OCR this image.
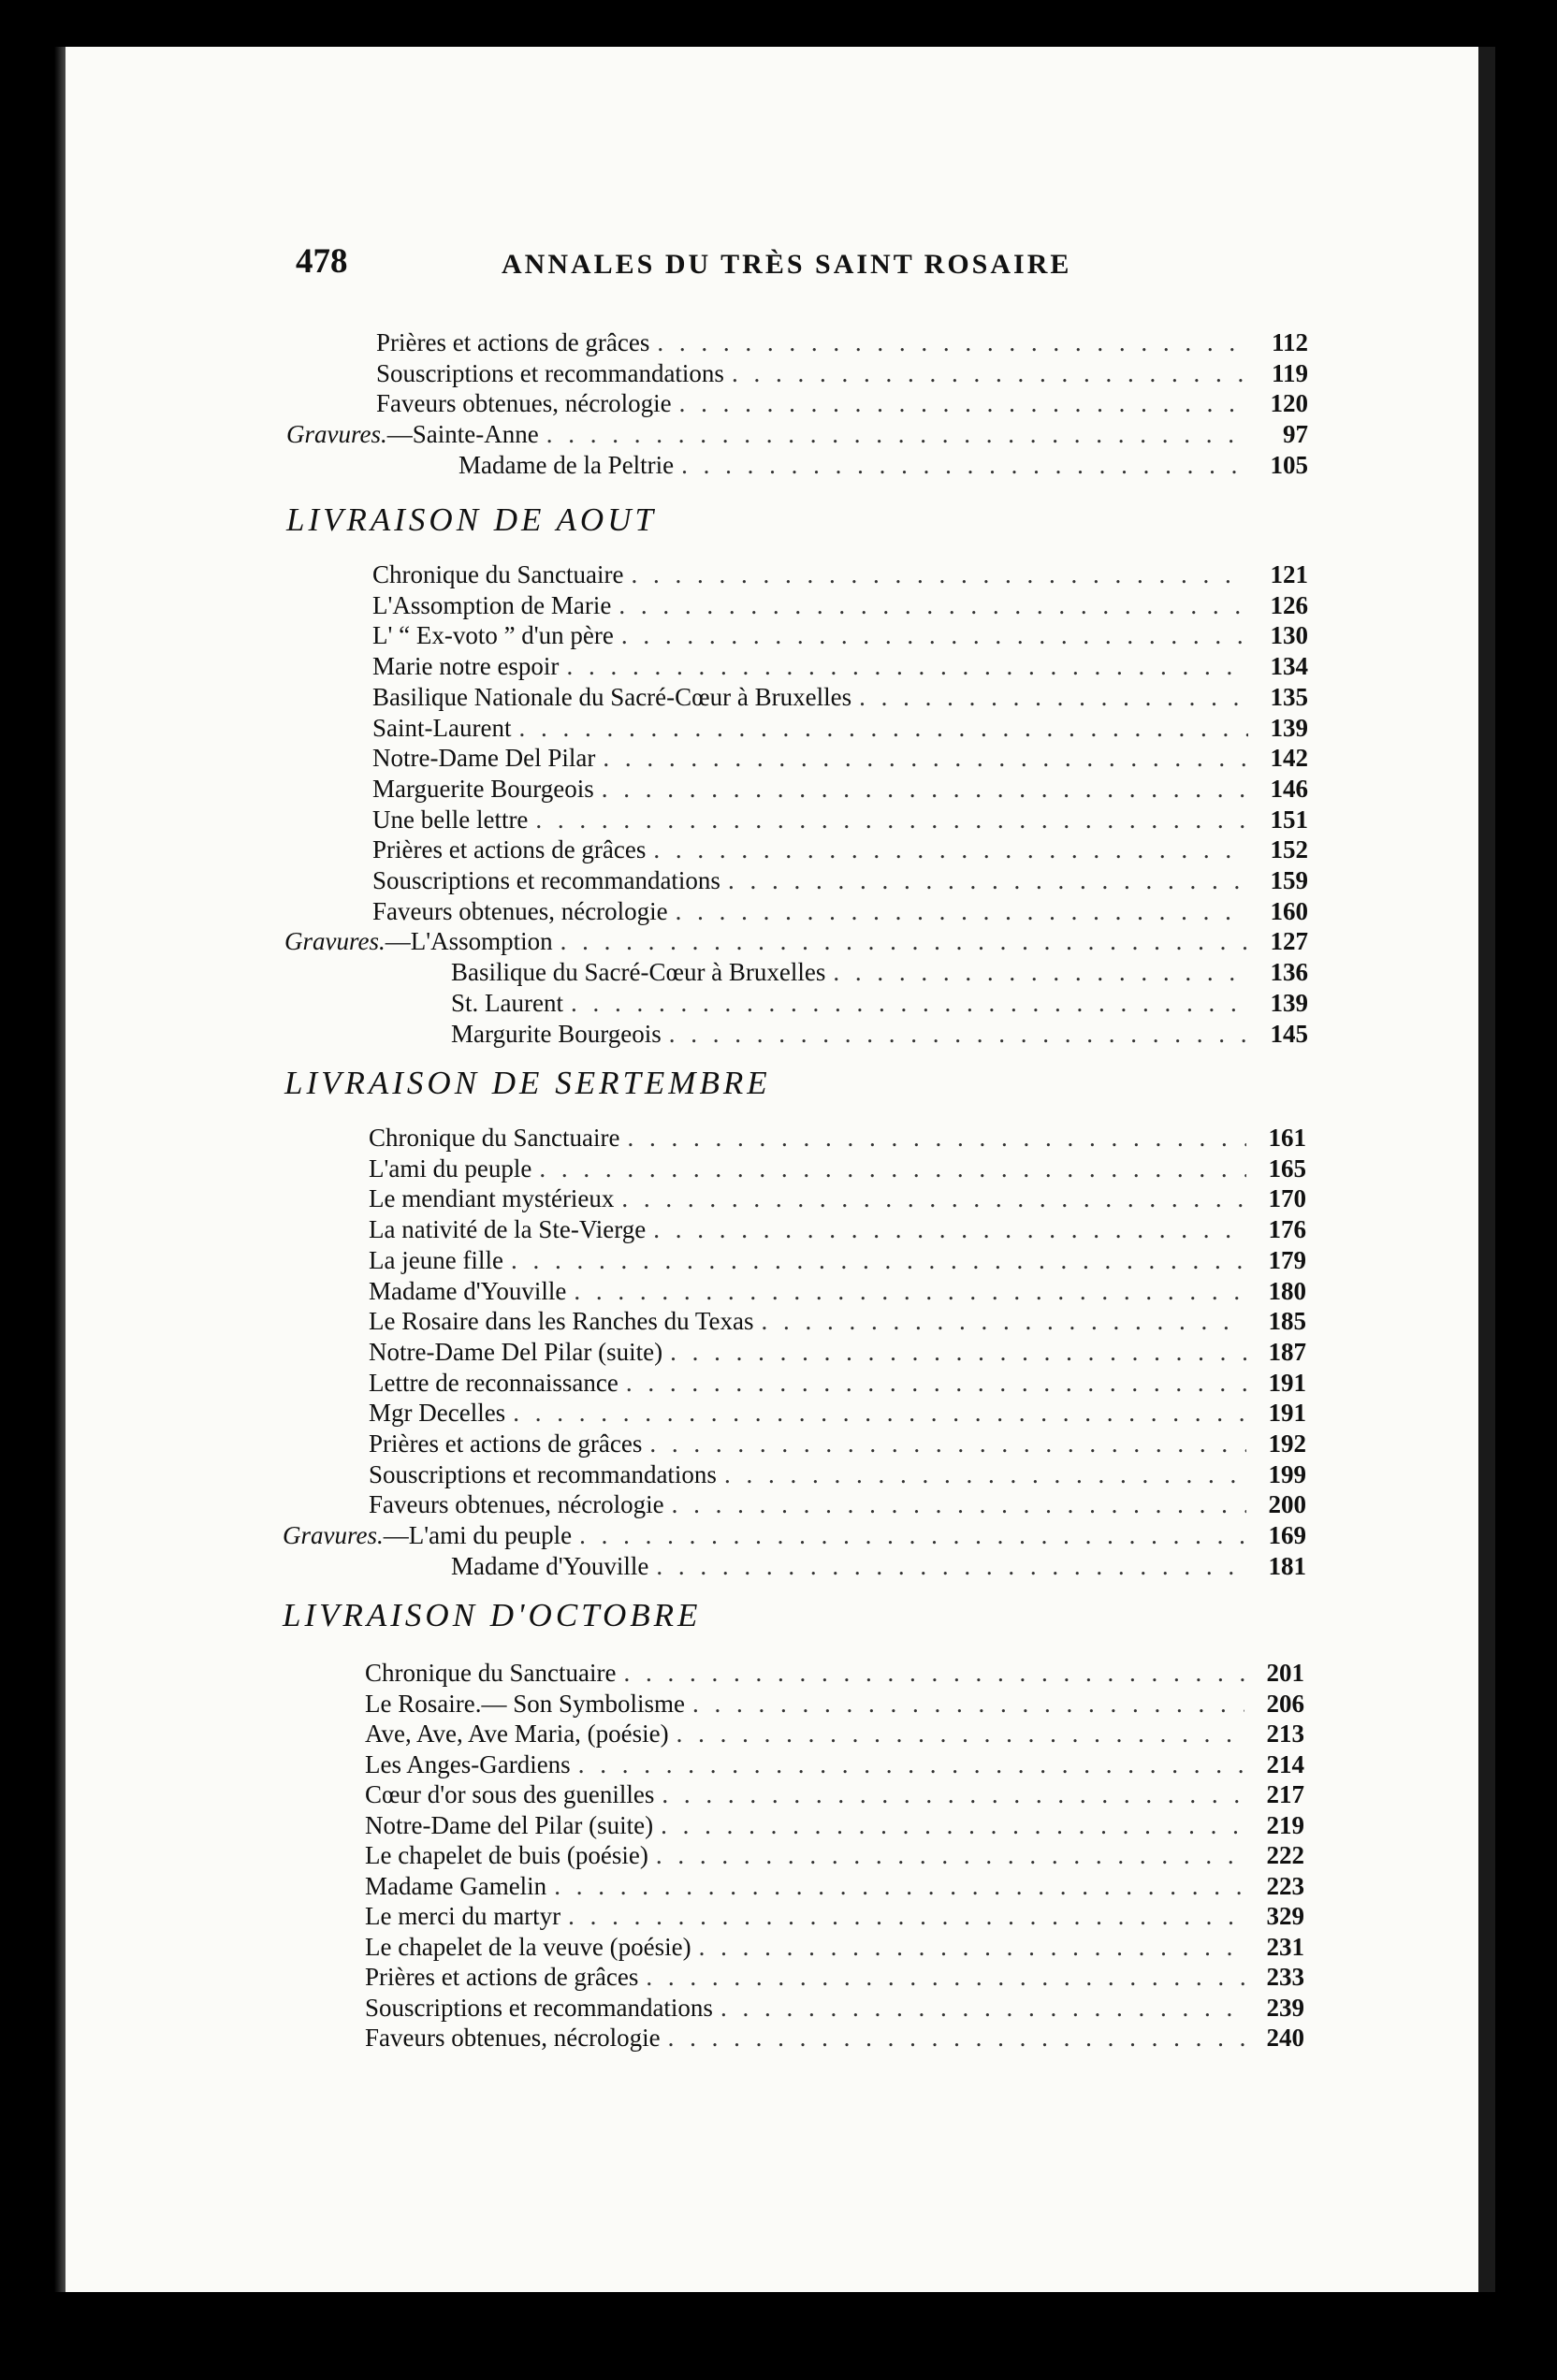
478	ANNALES DU TRÈS SAINT ROSAIRE
Prières et actions de grâces . . .	112
Souscriptions et recommandations . . .	119
Faveurs obtenues, nécrologie . . .	120
Gravures.—Sainte-Anne . . .	97
Madame de la Peltrie . . .	105
LIVRAISON DE AOUT
Chronique du Sanctuaire . . .	121
L'Assomption de Marie . . .	126
L' “ Ex-voto ” d'un père . . .	130
Marie notre espoir . . .	134
Basilique Nationale du Sacré-Cœur à Bruxelles . . .	135
Saint-Laurent . . .	139
Notre-Dame Del Pilar . . .	142
Marguerite Bourgeois . . .	146
Une belle lettre . . .	151
Prières et actions de grâces . . .	152
Souscriptions et recommandations . . .	159
Faveurs obtenues, nécrologie . . .	160
Gravures.—L'Assomption . . .	127
Basilique du Sacré-Cœur à Bruxelles . . .	136
St. Laurent . . .	139
Margurite Bourgeois . . .	145
LIVRAISON DE SERTEMBRE
Chronique du Sanctuaire . . .	161
L'ami du peuple . . .	165
Le mendiant mystérieux . . .	170
La nativité de la Ste-Vierge . . .	176
La jeune fille . . .	179
Madame d'Youville . . .	180
Le Rosaire dans les Ranches du Texas . . .	185
Notre-Dame Del Pilar (suite) . . .	187
Lettre de reconnaissance . . .	191
Mgr Decelles . . .	191
Prières et actions de grâces . . .	192
Souscriptions et recommandations . . .	199
Faveurs obtenues, nécrologie . . .	200
Gravures.—L'ami du peuple . . .	169
Madame d'Youville . . .	181
LIVRAISON D'OCTOBRE
Chronique du Sanctuaire . . .	201
Le Rosaire.— Son Symbolisme . . .	206
Ave, Ave, Ave Maria, (poésie) . . .	213
Les Anges-Gardiens . . .	214
Cœur d'or sous des guenilles . . .	217
Notre-Dame del Pilar (suite) . . .	219
Le chapelet de buis (poésie) . . .	222
Madame Gamelin . . .	223
Le merci du martyr . . .	329
Le chapelet de la veuve (poésie) . . .	231
Prières et actions de grâces . . .	233
Souscriptions et recommandations . . .	239
Faveurs obtenues, nécrologie . . .	240
